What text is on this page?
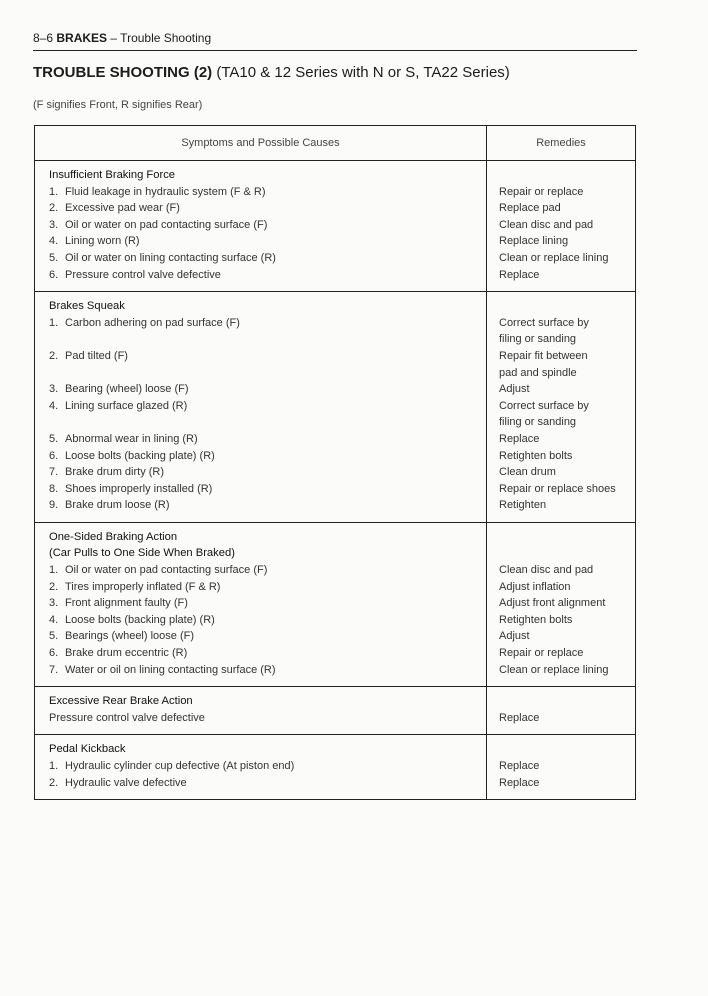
8–6 BRAKES – Trouble Shooting
TROUBLE SHOOTING (2) (TA10 & 12 Series with N or S, TA22 Series)
(F signifies Front, R signifies Rear)
Symptoms and Possible Causes	Remedies
Insufficient Braking Force
1. Fluid leakage in hydraulic system (F & R)
2. Excessive pad wear (F)
3. Oil or water on pad contacting surface (F)
4. Lining worn (R)
5. Oil or water on lining contacting surface (R)
6. Pressure control valve defective
Repair or replace
Replace pad
Clean disc and pad
Replace lining
Clean or replace lining
Replace
Brakes Squeak
1. Carbon adhering on pad surface (F)
2. Pad tilted (F)
3. Bearing (wheel) loose (F)
4. Lining surface glazed (R)
5. Abnormal wear in lining (R)
6. Loose bolts (backing plate) (R)
7. Brake drum dirty (R)
8. Shoes improperly installed (R)
9. Brake drum loose (R)
Correct surface by
filing or sanding
Repair fit between
pad and spindle
Adjust
Correct surface by
filing or sanding
Replace
Retighten bolts
Clean drum
Repair or replace shoes
Retighten
One-Sided Braking Action
(Car Pulls to One Side When Braked)
1. Oil or water on pad contacting surface (F)
2. Tires improperly inflated (F & R)
3. Front alignment faulty (F)
4. Loose bolts (backing plate) (R)
5. Bearings (wheel) loose (F)
6. Brake drum eccentric (R)
7. Water or oil on lining contacting surface (R)
Clean disc and pad
Adjust inflation
Adjust front alignment
Retighten bolts
Adjust
Repair or replace
Clean or replace lining
Excessive Rear Brake Action
Pressure control valve defective	Replace
Pedal Kickback
1. Hydraulic cylinder cup defective (At piston end)
2. Hydraulic valve defective
Replace
Replace
